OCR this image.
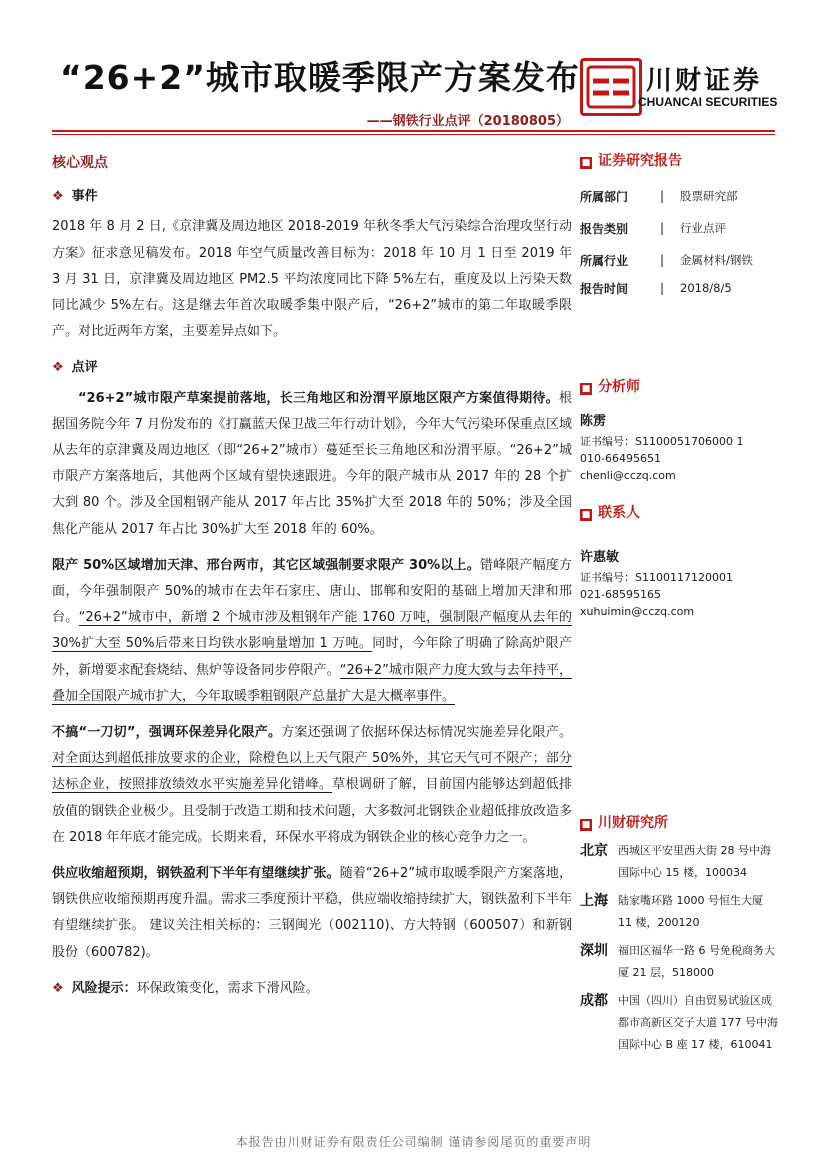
“26+2”城市取暖季限产方案发布
——钢铁行业点评（20180805）
川财证券
CHUANCAI SECURITIES
核心观点
❖ 事件

2018 年 8 月 2 日,《京津冀及周边地区 2018-2019 年秋冬季大气污染综合治理攻坚行动方案》征求意见稿发布。2018 年空气质量改善目标为：2018 年 10 月 1 日至 2019 年 3 月 31 日，京津冀及周边地区 PM2.5 平均浓度同比下降 5%左右，重度及以上污染天数同比减少 5%左右。这是继去年首次取暖季集中限产后，“26+2”城市的第二年取暖季限产。对比近两年方案，主要差异点如下。

❖ 点评

“26+2”城市限产草案提前落地，长三角地区和汾渭平原地区限产方案值得期待。根据国务院今年 7 月份发布的《打赢蓝天保卫战三年行动计划》，今年大气污染环保重点区域从去年的京津冀及周边地区（即“26+2”城市）蔓延至长三角地区和汾渭平原。“26+2”城市限产方案落地后，其他两个区域有望快速跟进。今年的限产城市从 2017 年的 28 个扩大到 80 个。涉及全国粗钢产能从 2017 年占比 35%扩大至 2018 年的 50%；涉及全国焦化产能从 2017 年占比 30%扩大至 2018 年的 60%。

限产 50%区域增加天津、邢台两市，其它区域强制要求限产 30%以上。错峰限产幅度方面，今年强制限产 50%的城市在去年石家庄、唐山、邯郸和安阳的基础上增加天津和邢台。“26+2”城市中，新增 2 个城市涉及粗钢年产能 1760 万吨，强制限产幅度从去年的 30%扩大至 50%后带来日均铁水影响量增加 1 万吨。同时，今年除了明确了除高炉限产外，新增要求配套烧结、焦炉等设备同步停限产。“26+2”城市限产力度大致与去年持平，叠加全国限产城市扩大，今年取暖季粗钢限产总量扩大是大概率事件。

不搞“一刀切”，强调环保差异化限产。方案还强调了依据环保达标情况实施差异化限产。对全面达到超低排放要求的企业，除橙色以上天气限产 50%外，其它天气可不限产；部分达标企业，按照排放绩效水平实施差异化错峰。草根调研了解，目前国内能够达到超低排放值的钢铁企业极少。且受制于改造工期和技术问题，大多数河北钢铁企业超低排放改造多在 2018 年年底才能完成。长期来看，环保水平将成为钢铁企业的核心竞争力之一。

供应收缩超预期，钢铁盈利下半年有望继续扩张。随着“26+2”城市取暖季限产方案落地，钢铁供应收缩预期再度升温。需求三季度预计平稳，供应端收缩持续扩大，钢铁盈利下半年有望继续扩张。 建议关注相关标的：三钢闽光（002110)、方大特钢（600507）和新钢股份（600782)。

❖ 风险提示：环保政策变化，需求下滑风险。
■ 证券研究报告
所属部门	|	股票研究部
报告类别	|	行业点评
所属行业	|	金属材料/钢铁
报告时间	|	2018/8/5
■ 分析师
陈雳
证书编号：S1100051706000 1
010-66495651
chenli@cczq.com
■ 联系人
许惠敏
证书编号：S1100117120001
021-68595165
xuhuimin@cczq.com
■ 川财研究所
北京 西城区平安里西大街 28 号中海国际中心 15 楼，100034
上海 陆家嘴环路 1000 号恒生大厦 11 楼，200120
深圳 福田区福华一路 6 号免税商务大厦 21 层，518000
成都 中国（四川）自由贸易试验区成都市高新区交子大道 177 号中海国际中心 B 座 17 楼，610041
本报告由川财证券有限责任公司编制 谨请参阅尾页的重要声明
